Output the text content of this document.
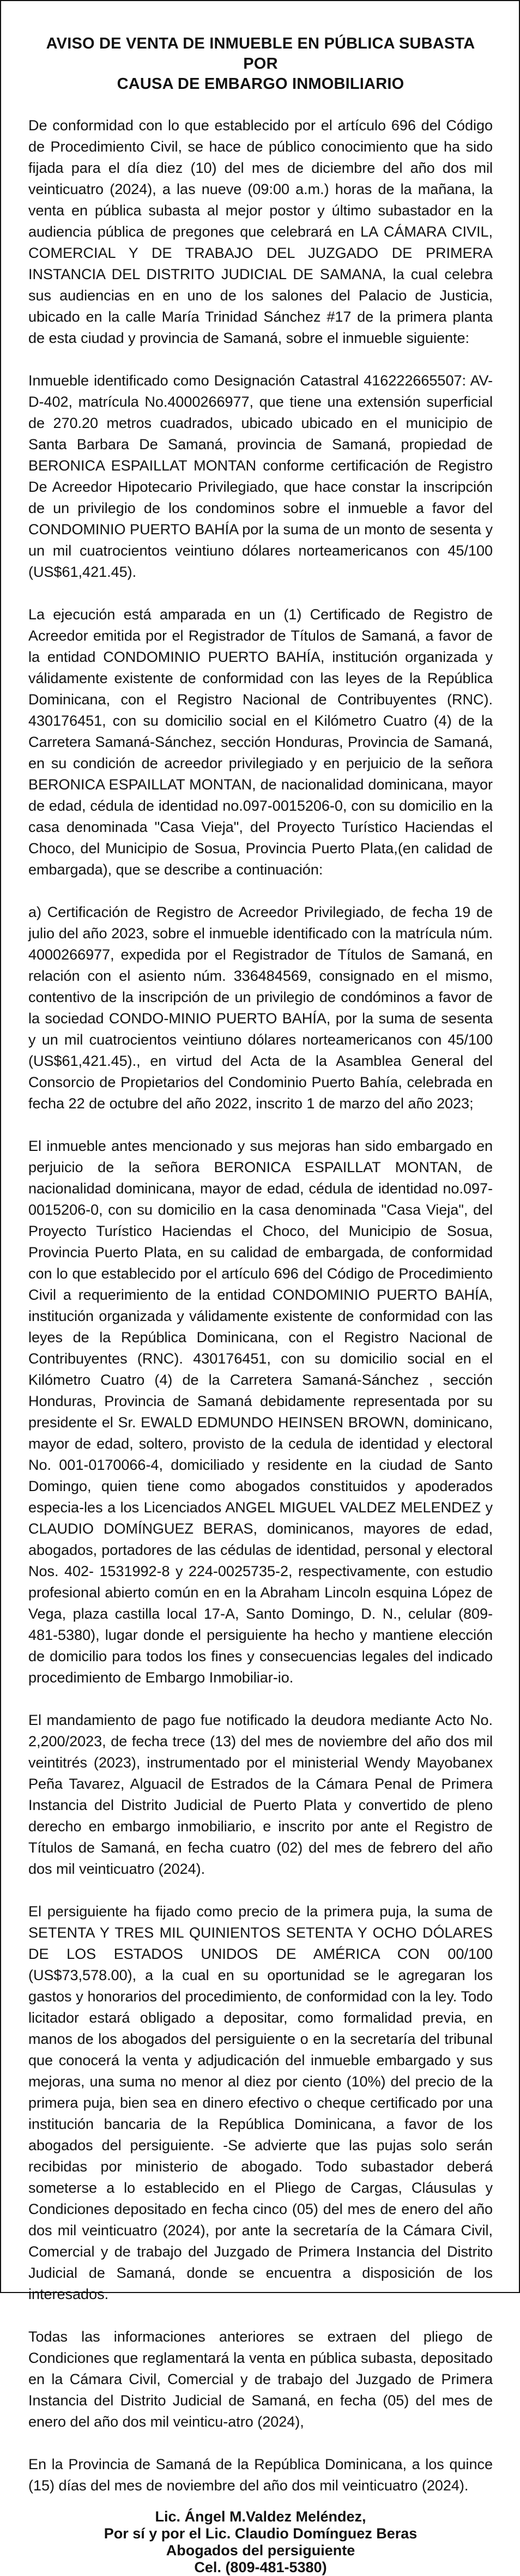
AVISO DE VENTA DE INMUEBLE EN PÚBLICA SUBASTA POR
CAUSA DE EMBARGO INMOBILIARIO

De conformidad con lo que establecido por el artículo 696 del Código de Procedimiento Civil, se hace de público conocimiento que ha sido fijada para el día diez (10) del mes de diciembre del año dos mil veinticuatro (2024), a las nueve (09:00 a.m.) horas de la mañana, la venta en pública subasta al mejor postor y último subastador en la audiencia pública de pregones que celebrará en LA CÁMARA CIVIL, COMERCIAL Y DE TRABAJO DEL JUZGADO DE PRIMERA INSTANCIA DEL DISTRITO JUDICIAL DE SAMANA, la cual celebra sus audiencias en en uno de los salones del Palacio de Justicia, ubicado en la calle María Trinidad Sánchez #17 de la primera planta de esta ciudad y provincia de Samaná, sobre el inmueble siguiente:

Inmueble identificado como Designación Catastral 416222665507: AV-D-402, matrícula No.4000266977, que tiene una extensión superficial de 270.20 metros cuadrados, ubicado ubicado en el municipio de Santa Barbara De Samaná, provincia de Samaná, propiedad de BERONICA ESPAILLAT MONTAN conforme certificación de Registro De Acreedor Hipotecario Privilegiado, que hace constar la inscripción de un privilegio de los condominos sobre el inmueble a favor del CONDOMINIO PUERTO BAHÍA por la suma de un monto de sesenta y un mil cuatrocientos veintiuno dólares norteamericanos con 45/100 (US$61,421.45).

La ejecución está amparada en un (1) Certificado de Registro de Acreedor emitida por el Registrador de Títulos de Samaná, a favor de la entidad CONDOMINIO PUERTO BAHÍA, institución organizada y válidamente existente de conformidad con las leyes de la República Dominicana, con el Registro Nacional de Contribuyentes (RNC). 430176451, con su domicilio social en el Kilómetro Cuatro (4) de la Carretera Samaná-Sánchez, sección Honduras, Provincia de Samaná, en su condición de acreedor privilegiado y en perjuicio de la señora BERONICA ESPAILLAT MONTAN, de nacionalidad dominicana, mayor de edad, cédula de identidad no.097-0015206-0, con su domicilio en la casa denominada "Casa Vieja", del Proyecto Turístico Haciendas el Choco, del Municipio de Sosua, Provincia Puerto Plata,(en calidad de embargada), que se describe a continuación:

a) Certificación de Registro de Acreedor Privilegiado, de fecha 19 de julio del año 2023, sobre el inmueble identificado con la matrícula núm. 4000266977, expedida por el Registrador de Títulos de Samaná, en relación con el asiento núm. 336484569, consignado en el mismo, contentivo de la inscripción de un privilegio de condóminos a favor de la sociedad CONDO-MINIO PUERTO BAHÍA, por la suma de sesenta y un mil cuatrocientos veintiuno dólares norteamericanos con 45/100 (US$61,421.45)., en virtud del Acta de la Asamblea General del Consorcio de Propietarios del Condominio Puerto Bahía, celebrada en fecha 22 de octubre del año 2022, inscrito 1 de marzo del año 2023;

El inmueble antes mencionado y sus mejoras han sido embargado en perjuicio de la señora BERONICA ESPAILLAT MONTAN, de nacionalidad dominicana, mayor de edad, cédula de identidad no.097-0015206-0, con su domicilio en la casa denominada "Casa Vieja", del Proyecto Turístico Haciendas el Choco, del Municipio de Sosua, Provincia Puerto Plata, en su calidad de embargada, de conformidad con lo que establecido por el artículo 696 del Código de Procedimiento Civil a requerimiento de la entidad CONDOMINIO PUERTO BAHÍA, institución organizada y válidamente existente de conformidad con las leyes de la República Dominicana, con el Registro Nacional de Contribuyentes (RNC). 430176451, con su domicilio social en el Kilómetro Cuatro (4) de la Carretera Samaná-Sánchez , sección Honduras, Provincia de Samaná debidamente representada por su presidente el Sr. EWALD EDMUNDO HEINSEN BROWN, dominicano, mayor de edad, soltero, provisto de la cedula de identidad y electoral No. 001-0170066-4, domiciliado y residente en la ciudad de Santo Domingo, quien tiene como abogados constituidos y apoderados especia-les a los Licenciados ANGEL MIGUEL VALDEZ MELENDEZ y CLAUDIO DOMÍNGUEZ BERAS, dominicanos, mayores de edad, abogados, portadores de las cédulas de identidad, personal y electoral Nos. 402- 1531992-8 y 224-0025735-2, respectivamente, con estudio profesional abierto común en en la Abraham Lincoln esquina López de Vega, plaza castilla local 17-A, Santo Domingo, D. N., celular (809-481-5380), lugar donde el persiguiente ha hecho y mantiene elección de domicilio para todos los fines y consecuencias legales del indicado procedimiento de Embargo Inmobiliar-io.

El mandamiento de pago fue notificado la deudora mediante Acto No. 2,200/2023, de fecha trece (13) del mes de noviembre del año dos mil veintitrés (2023), instrumentado por el ministerial Wendy Mayobanex Peña Tavarez, Alguacil de Estrados de la Cámara Penal de Primera Instancia del Distrito Judicial de Puerto Plata y convertido de pleno derecho en embargo inmobiliario, e inscrito por ante el Registro de Títulos de Samaná, en fecha cuatro (02) del mes de febrero del año dos mil veinticuatro (2024).

El persiguiente ha fijado como precio de la primera puja, la suma de SETENTA Y TRES MIL QUINIENTOS SETENTA Y OCHO DÓLARES DE LOS ESTADOS UNIDOS DE AMÉRICA CON 00/100 (US$73,578.00), a la cual en su oportunidad se le agregaran los gastos y honorarios del procedimiento, de conformidad con la ley. Todo licitador estará obligado a depositar, como formalidad previa, en manos de los abogados del persiguiente o en la secretaría del tribunal que conocerá la venta y adjudicación del inmueble embargado y sus mejoras, una suma no menor al diez por ciento (10%) del precio de la primera puja, bien sea en dinero efectivo o cheque certificado por una institución bancaria de la República Dominicana, a favor de los abogados del persiguiente. -Se advierte que las pujas solo serán recibidas por ministerio de abogado. Todo subastador deberá someterse a lo establecido en el Pliego de Cargas, Cláusulas y Condiciones depositado en fecha cinco (05) del mes de enero del año dos mil veinticuatro (2024), por ante la secretaría de la Cámara Civil, Comercial y de trabajo del Juzgado de Primera Instancia del Distrito Judicial de Samaná, donde se encuentra a disposición de los interesados.

Todas las informaciones anteriores se extraen del pliego de Condiciones que reglamentará la venta en pública subasta, depositado en la Cámara Civil, Comercial y de trabajo del Juzgado de Primera Instancia del Distrito Judicial de Samaná, en fecha (05) del mes de enero del año dos mil veinticu-atro (2024),

En la Provincia de Samaná de la República Dominicana, a los quince (15) días del mes de noviembre del año dos mil veinticuatro (2024).

Lic. Ángel M.Valdez Meléndez,
Por sí y por el Lic. Claudio Domínguez Beras
Abogados del persiguiente
Cel. (809-481-5380)
